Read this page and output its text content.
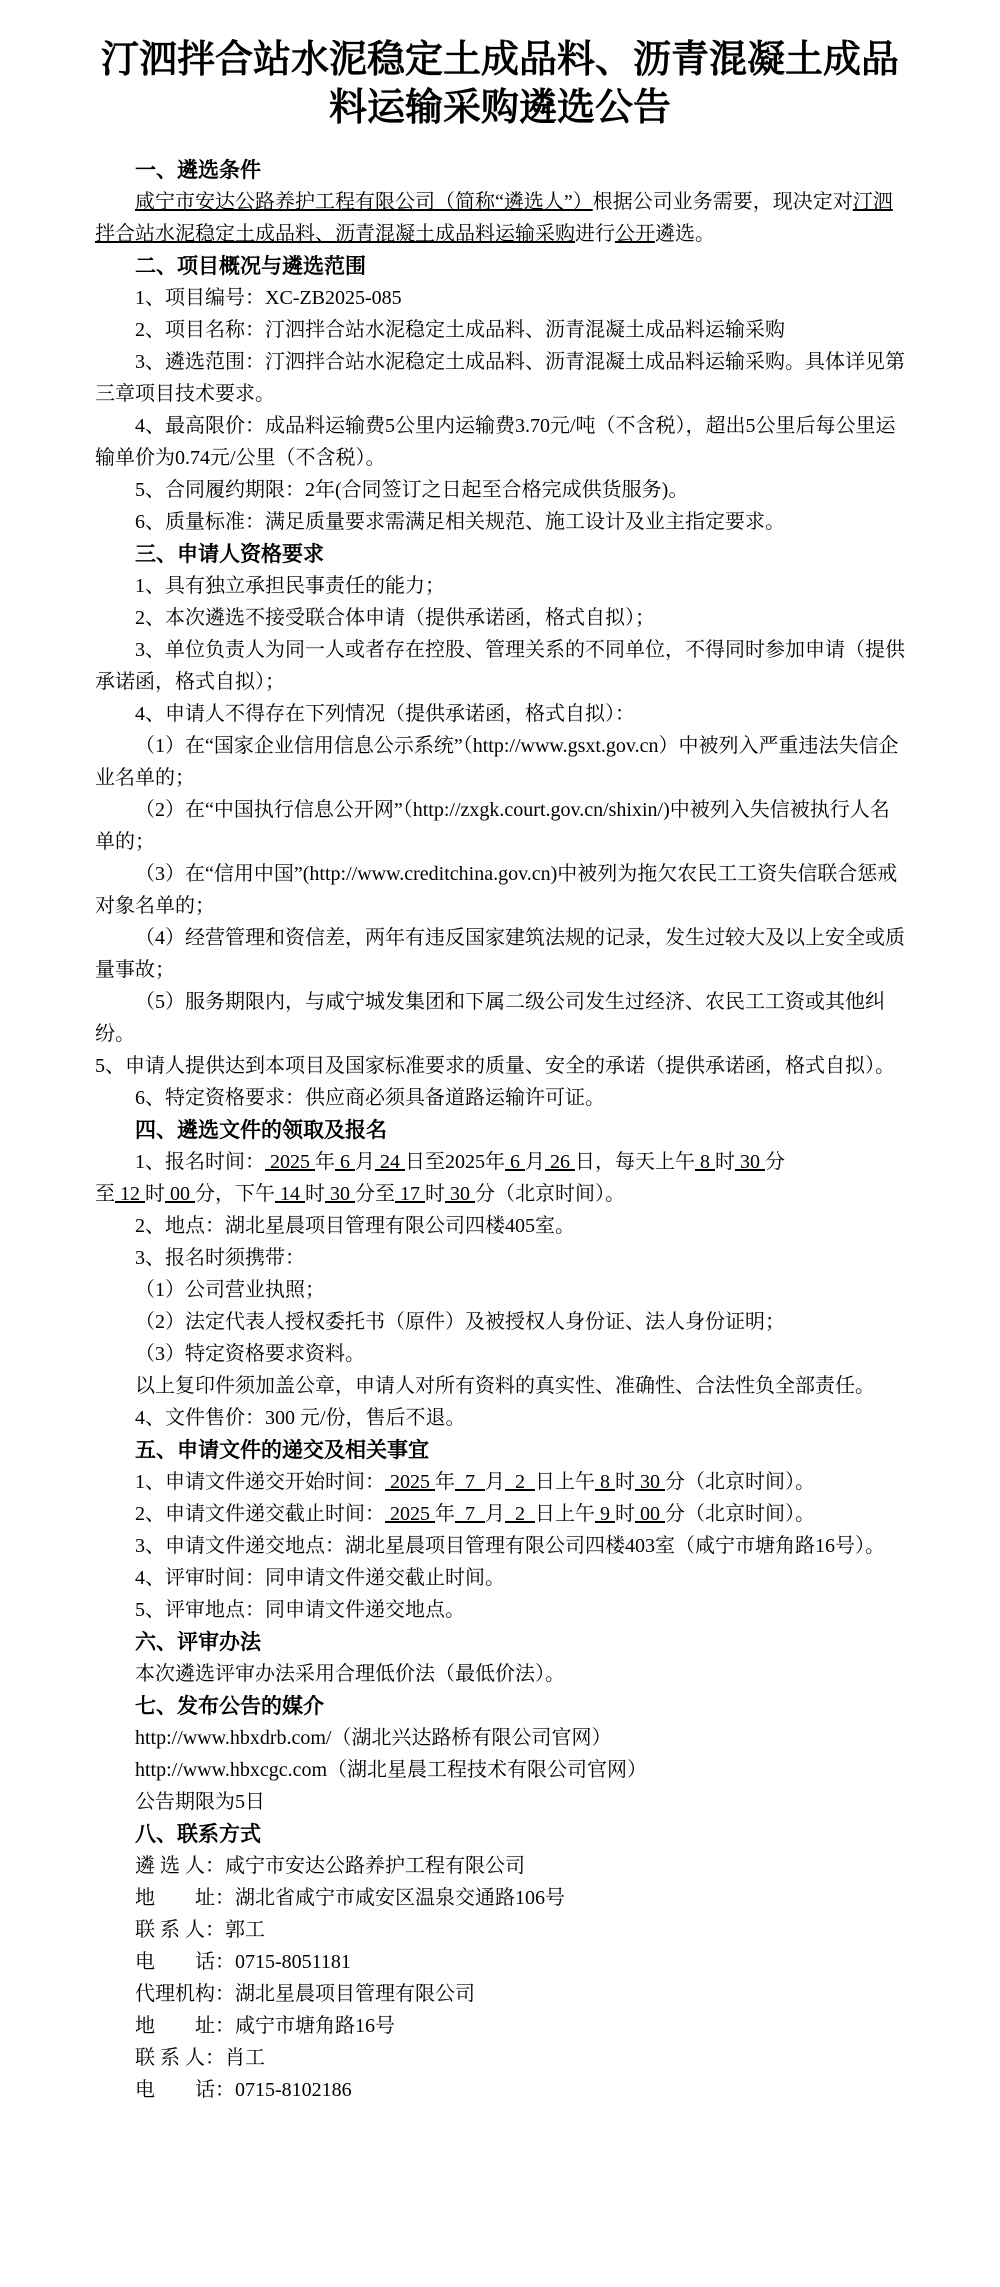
汀泗拌合站水泥稳定土成品料、沥青混凝土成品
料运输采购遴选公告
一、遴选条件
咸宁市安达公路养护工程有限公司（简称“遴选人”）根据公司业务需要，现决定对汀泗拌合站水泥稳定土成品料、沥青混凝土成品料运输采购进行公开遴选。
二、项目概况与遴选范围
1、项目编号：XC-ZB2025-085
2、项目名称：汀泗拌合站水泥稳定土成品料、沥青混凝土成品料运输采购
3、遴选范围：汀泗拌合站水泥稳定土成品料、沥青混凝土成品料运输采购。具体详见第三章项目技术要求。
4、最高限价：成品料运输费5公里内运输费3.70元/吨（不含税），超出5公里后每公里运输单价为0.74元/公里（不含税）。
5、合同履约期限：2年(合同签订之日起至合格完成供货服务)。
6、质量标准：满足质量要求需满足相关规范、施工设计及业主指定要求。
三、申请人资格要求
1、具有独立承担民事责任的能力；
2、本次遴选不接受联合体申请（提供承诺函，格式自拟）；
3、单位负责人为同一人或者存在控股、管理关系的不同单位，不得同时参加申请（提供承诺函，格式自拟）；
4、申请人不得存在下列情况（提供承诺函，格式自拟）：
（1）在“国家企业信用信息公示系统”（http://www.gsxt.gov.cn）中被列入严重违法失信企业名单的；
（2）在“中国执行信息公开网”（http://zxgk.court.gov.cn/shixin/)中被列入失信被执行人名单的；
（3）在“信用中国”(http://www.creditchina.gov.cn)中被列为拖欠农民工工资失信联合惩戒对象名单的；
（4）经营管理和资信差，两年有违反国家建筑法规的记录，发生过较大及以上安全或质量事故；
（5）服务期限内，与咸宁城发集团和下属二级公司发生过经济、农民工工资或其他纠纷。
5、申请人提供达到本项目及国家标准要求的质量、安全的承诺（提供承诺函，格式自拟）。
6、特定资格要求：供应商必须具备道路运输许可证。
四、遴选文件的领取及报名
1、报名时间： 2025 年 6 月 24 日至2025年 6 月 26 日，每天上午 8 时 30 分至 12 时 00 分，下午 14 时 30 分至 17 时 30 分（北京时间）。
2、地点：湖北星晨项目管理有限公司四楼405室。
3、报名时须携带：
（1）公司营业执照；
（2）法定代表人授权委托书（原件）及被授权人身份证、法人身份证明；
（3）特定资格要求资料。
以上复印件须加盖公章，申请人对所有资料的真实性、准确性、合法性负全部责任。
4、文件售价：300 元/份，售后不退。
五、申请文件的递交及相关事宜
1、申请文件递交开始时间： 2025 年  7  月  2  日上午 8 时 30 分（北京时间）。
2、申请文件递交截止时间： 2025 年  7  月  2  日上午 9 时 00 分（北京时间）。
3、申请文件递交地点：湖北星晨项目管理有限公司四楼403室（咸宁市塘角路16号）。
4、评审时间：同申请文件递交截止时间。
5、评审地点：同申请文件递交地点。
六、评审办法
本次遴选评审办法采用合理低价法（最低价法）。
七、发布公告的媒介
http://www.hbxdrb.com/（湖北兴达路桥有限公司官网）
http://www.hbxcgc.com（湖北星晨工程技术有限公司官网）
公告期限为5日
八、联系方式
遴 选 人：咸宁市安达公路养护工程有限公司
地　　址：湖北省咸宁市咸安区温泉交通路106号
联 系 人：郭工
电　　话：0715-8051181
代理机构：湖北星晨项目管理有限公司
地　　址：咸宁市塘角路16号
联 系 人：肖工
电　　话：0715-8102186
